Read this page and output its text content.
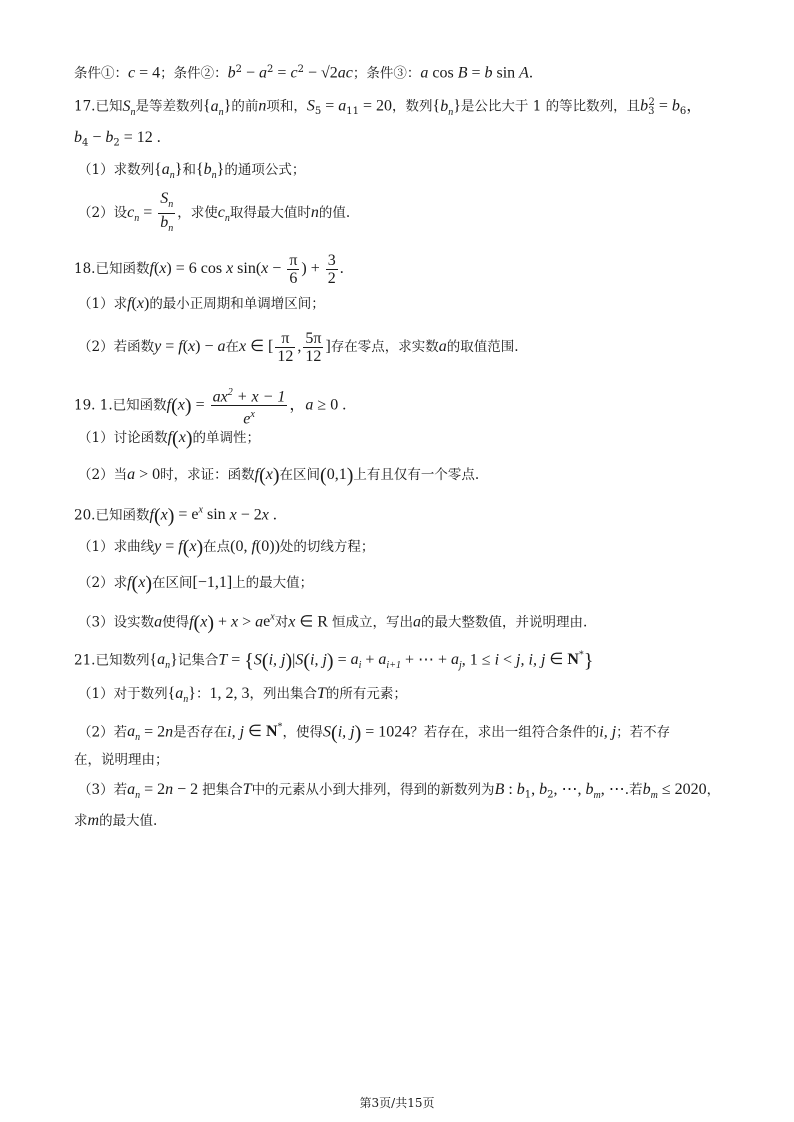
条件①：c = 4；条件②：$b^2 - a^2 = c^2 - √2ac$；条件③：a cos B = b sin A.
17.已知$S_n$是等差数列$\{a_n\}$的前n项和，$S_5 = a_{11} = 20$，数列$\{b_n\}$是公比大于 1 的等比数列，且$b_3^2 = b_6$，
$b_4 - b_2 = 12$ .
（1）求数列$\{a_n\}$和$\{b_n\}$的通项公式；
（2）设$c_n = \frac{S_n}{b_n}$ ，求使$c_n$取得最大值时n的值.
18.已知函数f(x) = 6 cos x $\sin(x - \frac{\pi}{6}$ ) + $\frac{3}{2}$ .
（1）求f(x)的最小正周期和单调增区间；
（2）若函数y = f(x) − a在x ∈ [ $\frac{\pi}{12}$ , $\frac{5\pi}{12}$ ]存在零点，求实数a的取值范围.
19. 1.已知函数$f(x) = \frac{ax^2 + x - 1}{e^x}$ ，a ≥ 0 .
（1）讨论函数f(x)的单调性；
（2）当a > 0时，求证：函数f(x)在区间(0,1)上有且仅有一个零点.
20.已知函数$f(x) = e^x$ sin x − 2x .
（1）求曲线y = f(x)在点(0, f(0))处的切线方程；
（2）求f(x)在区间[−1,1]上的最大值；
（3）设实数a使得$f(x) + x > ae^x$对x ∈ R 恒成立，写出a的最大整数值，并说明理由.
21.已知数列$\{a_n\}$记集合T = {S(i, j)|S(i, $j) = a_i + a_{i+1}$ + ⋯ + $a_j$, 1 ≤ i < j, i, j ∈ N*}
（1）对于数列$\{a_n\}$：1, 2, 3，列出集合T的所有元素；
（2）若$a_n = 2n$是否存在i, j ∈ N*，使得S(i, j) = 1024？若存在，求出一组符合条件的i, j；若不存
在，说明理由；
（3）若$a_n = 2n - 2$ 把集合T中的元素从小到大排列，得到的新数列为B : $b_1$, $b_2$, ⋯, $b_m$, ⋯.若$b_m \le 2020$，
求m的最大值.
第3页/共15页
